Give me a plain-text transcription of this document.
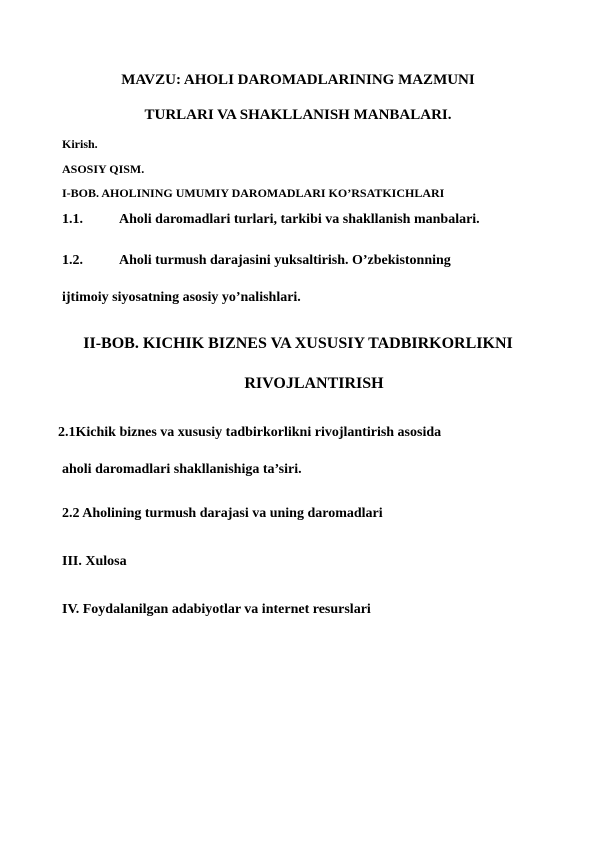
MAVZU: AHOLI DAROMADLARINING MAZMUNI
TURLARI VA SHAKLLANISH MANBALARI.
Kirish.
ASOSIY QISM.
I-BOB. AHOLINING UMUMIY DAROMADLARI KO’RSATKICHLARI
1.1.	Aholi daromadlari turlari, tarkibi va shakllanish manbalari.
1.2.	Aholi turmush darajasini yuksaltirish. O’zbekistonning
ijtimoiy siyosatning asosiy yo’nalishlari.
II-BOB. KICHIK BIZNES VA XUSUSIY TADBIRKORLIKNI
RIVOJLANTIRISH
2.1Kichik biznes va xususiy tadbirkorlikni rivojlantirish asosida
aholi daromadlari shakllanishiga ta’siri.
2.2 Aholining turmush darajasi va uning daromadlari
III. Xulosa
IV. Foydalanilgan adabiyotlar va internet resurslari
